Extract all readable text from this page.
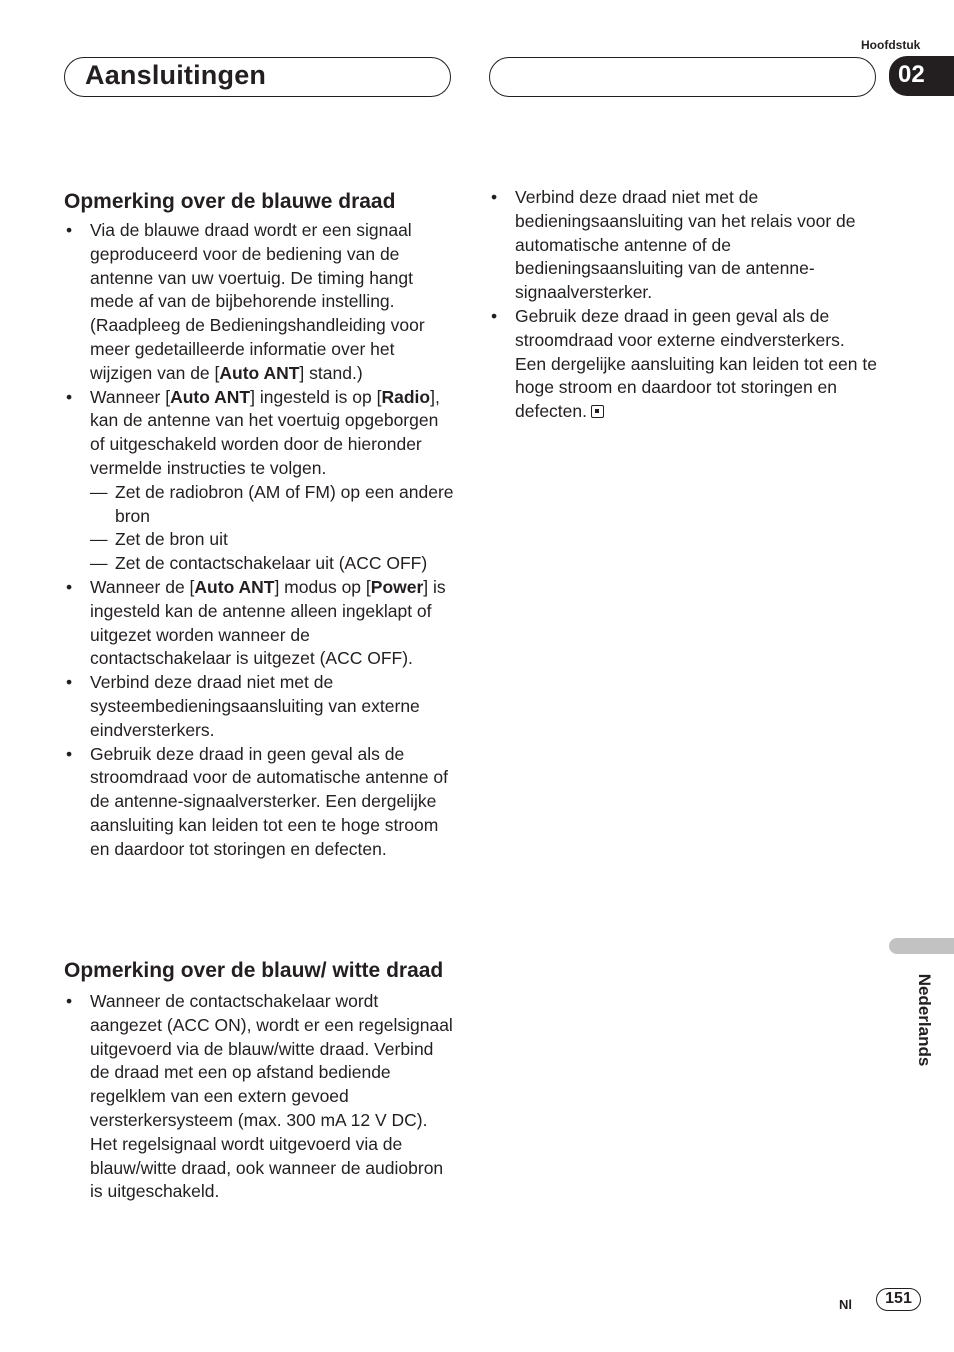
Aansluitingen
Hoofdstuk
02
Opmerking over de blauwe draad
• Via de blauwe draad wordt er een signaal geproduceerd voor de bediening van de antenne van uw voertuig. De timing hangt mede af van de bijbehorende instelling. (Raadpleeg de Bedieningshandleiding voor meer gedetailleerde informatie over het wijzigen van de [Auto ANT] stand.)
• Wanneer [Auto ANT] ingesteld is op [Radio], kan de antenne van het voertuig opgeborgen of uitgeschakeld worden door de hieronder vermelde instructies te volgen.
— Zet de radiobron (AM of FM) op een andere bron
— Zet de bron uit
— Zet de contactschakelaar uit (ACC OFF)
• Wanneer de [Auto ANT] modus op [Power] is ingesteld kan de antenne alleen ingeklapt of uitgezet worden wanneer de contactschakelaar is uitgezet (ACC OFF).
• Verbind deze draad niet met de systeembedieningsaansluiting van externe eindversterkers.
• Gebruik deze draad in geen geval als de stroomdraad voor de automatische antenne of de antenne-signaalversterker. Een dergelijke aansluiting kan leiden tot een te hoge stroom en daardoor tot storingen en defecten.
Opmerking over de blauw/ witte draad
• Wanneer de contactschakelaar wordt aangezet (ACC ON), wordt er een regelsignaal uitgevoerd via de blauw/witte draad. Verbind de draad met een op afstand bediende regelklem van een extern gevoed versterkersysteem (max. 300 mA 12 V DC). Het regelsignaal wordt uitgevoerd via de blauw/witte draad, ook wanneer de audiobron is uitgeschakeld.
• Verbind deze draad niet met de bedieningsaansluiting van het relais voor de automatische antenne of de bedieningsaansluiting van de antenne-signaalversterker.
• Gebruik deze draad in geen geval als de stroomdraad voor externe eindversterkers. Een dergelijke aansluiting kan leiden tot een te hoge stroom en daardoor tot storingen en defecten.
Nederlands
Nl	151
